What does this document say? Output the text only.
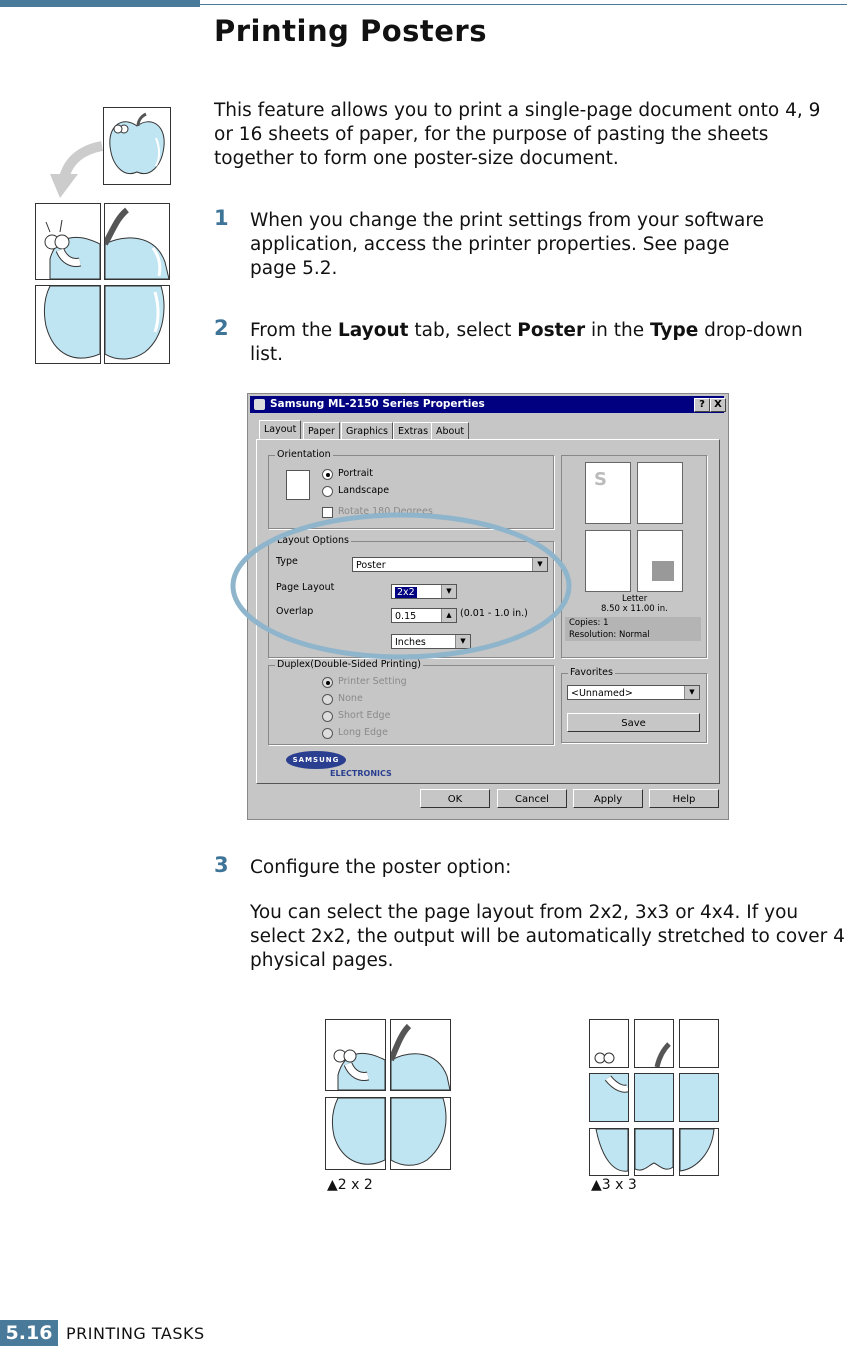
Printing Posters
This feature allows you to print a single-page document onto 4, 9 or 16 sheets of paper, for the purpose of pasting the sheets together to form one poster-size document.
1 When you change the print settings from your software
application, access the printer properties. See page
page 5.2.
2 From the Layout tab, select Poster in the Type drop-down
list.
Samsung ML-2150 Series Properties	? X
Layout	Paper	Graphics	Extras About
Orientation
Portrait
Landscape
Rotate 180 Degrees
Layout Options
Type	Poster	▼
Page Layout	2x2	▼
Overlap	0.15	▲ (0.01 - 1.0 in.)
Inches	▼
Duplex(Double-Sided Printing)
Printer Setting
None
Short Edge
Long Edge
S
Letter
8.50 x 11.00 in.
Copies: 1
Resolution: Normal
Favorites
<Unnamed>	▼
Save
SAMSUNG
ELECTRONICS
OK	Cancel	Apply	Help
3 Configure the poster option:
You can select the page layout from 2x2, 3x3 or 4x4. If you select 2x2, the output will be automatically stretched to cover 4 physical pages.
▲2 x 2	▲3 x 3
5.16 PRINTING TASKS
